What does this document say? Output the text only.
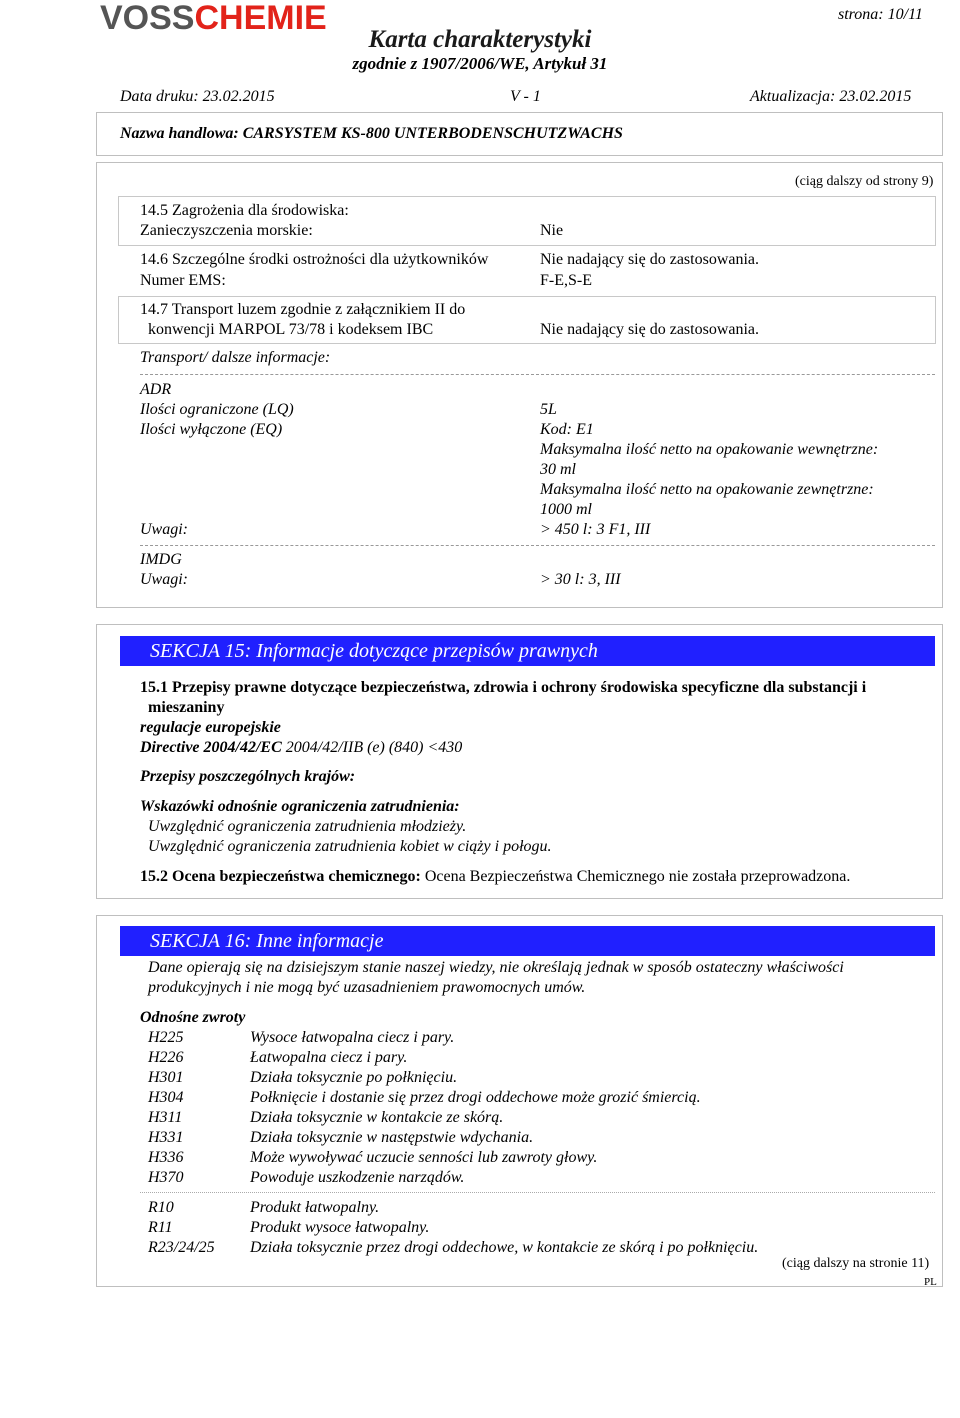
VOSSCHEMIE	strona: 10/11
Karta charakterystyki
zgodnie z 1907/2006/WE, Artykuł 31
Data druku: 23.02.2015	V - 1	Aktualizacja: 23.02.2015
Nazwa handlowa: CARSYSTEM KS-800 UNTERBODENSCHUTZWACHS
(ciąg dalszy od strony 9)
14.5 Zagrożenia dla środowiska:
Zanieczyszczenia morskie:	Nie
14.6 Szczególne środki ostrożności dla użytkowników	Nie nadający się do zastosowania.
Numer EMS:	F-E,S-E
14.7 Transport luzem zgodnie z załącznikiem II do
konwencji MARPOL 73/78 i kodeksem IBC	Nie nadający się do zastosowania.
Transport/ dalsze informacje:
ADR
Ilości ograniczone (LQ)	5L
Ilości wyłączone (EQ)	Kod: E1
Maksymalna ilość netto na opakowanie wewnętrzne:
30 ml
Maksymalna ilość netto na opakowanie zewnętrzne:
1000 ml
Uwagi:	> 450 l: 3 F1, III
IMDG
Uwagi:	> 30 l: 3, III
SEKCJA 15: Informacje dotyczące przepisów prawnych
15.1 Przepisy prawne dotyczące bezpieczeństwa, zdrowia i ochrony środowiska specyficzne dla substancji i
mieszaniny
regulacje europejskie
Directive 2004/42/EC 2004/42/IIB (e) (840) <430
Przepisy poszczególnych krajów:
Wskazówki odnośnie ograniczenia zatrudnienia:
Uwzględnić ograniczenia zatrudnienia młodzieży.
Uwzględnić ograniczenia zatrudnienia kobiet w ciąży i połogu.
15.2 Ocena bezpieczeństwa chemicznego: Ocena Bezpieczeństwa Chemicznego nie została przeprowadzona.
SEKCJA 16: Inne informacje
Dane opierają się na dzisiejszym stanie naszej wiedzy, nie określają jednak w sposób ostateczny właściwości
produkcyjnych i nie mogą być uzasadnieniem prawomocnych umów.
Odnośne zwroty
H225	Wysoce łatwopalna ciecz i pary.
H226	Łatwopalna ciecz i pary.
H301	Działa toksycznie po połknięciu.
H304	Połknięcie i dostanie się przez drogi oddechowe może grozić śmiercią.
H311	Działa toksycznie w kontakcie ze skórą.
H331	Działa toksycznie w następstwie wdychania.
H336	Może wywoływać uczucie senności lub zawroty głowy.
H370	Powoduje uszkodzenie narządów.
R10	Produkt łatwopalny.
R11	Produkt wysoce łatwopalny.
R23/24/25 Działa toksycznie przez drogi oddechowe, w kontakcie ze skórą i po połknięciu.
(ciąg dalszy na stronie 11)
PL
